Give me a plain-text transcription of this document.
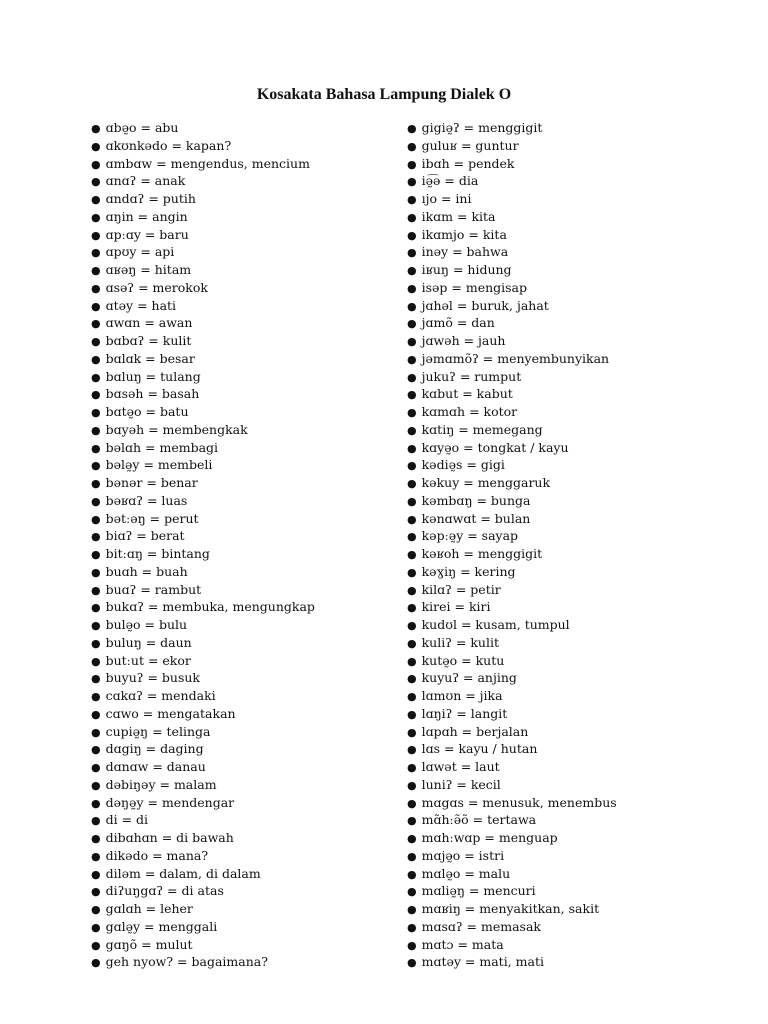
Kosakata Bahasa Lampung Dialek O
● ɑbə̰o = abu
● ɑkʊnkədo = kapan?
● ɑmbɑw = mengendus, mencium
● ɑnɑʔ = anak
● ɑndɑʔ = putih
● ɑŋin = angin
● ɑpːɑy = baru
● ɑpʊy = api
● ɑʁəŋ = hitam
● ɑsəʔ = merokok
● ɑtəy = hati
● ɑwɑn = awan
● bɑbɑʔ = kulit
● bɑlɑk = besar
● bɑluŋ = tulang
● bɑsəh = basah
● bɑtə̰o = batu
● bɑyəh = membengkak
● bəlɑh = membagi
● bələ̰y = membeli
● bənər = benar
● bəʁɑʔ = luas
● bətːəŋ = perut
● biɑʔ = berat
● bitːɑŋ = bintang
● buɑh = buah
● buɑʔ = rambut
● bukɑʔ = membuka, mengungkap
● bulə̰o = bulu
● buluŋ = daun
● butːut = ekor
● buyuʔ = busuk
● cɑkɑʔ = mendaki
● cɑwo = mengatakan
● cupiə̰ŋ = telinga
● dɑgiŋ = daging
● dɑnɑw = danau
● dəbiŋəy = malam
● dəŋə̰y = mendengar
● di = di
● dibɑhɑn = di bawah
● dikədo = mana?
● diləm = dalam, di dalam
● diʔuŋgɑʔ = di atas
● gɑlɑh = leher
● gɑlə̰y = menggali
● gɑŋõ = mulut
● geh nyow? = bagaimana?
● gigiə̰ʔ = menggigit
● guluʁ = guntur
● ibɑh = pendek
● iə̰͡ə = dia
● ıjo = ini
● ikɑm = kita
● ikɑmjo = kita
● inəy = bahwa
● iʁuŋ = hidung
● isəp = mengisap
● jɑhəl = buruk, jahat
● jɑmõ = dan
● jɑwəh = jauh
● jəmɑmõʔ = menyembunyikan
● jukuʔ = rumput
● kɑbut = kabut
● kɑmɑh = kotor
● kɑtiŋ = memegang
● kɑyə̰o = tongkat / kayu
● kədiə̰s = gigi
● kəkuy = menggaruk
● kəmbɑŋ = bunga
● kənɑwɑt = bulan
● kəpːə̰y = sayap
● kəʁoh = menggigit
● kəɣiŋ = kering
● kilɑʔ = petir
● kirei = kiri
● kudʊl = kusam, tumpul
● kuliʔ = kulit
● kutə̰o = kutu
● kuyuʔ = anjing
● lɑmʊn = jika
● lɑŋiʔ = langit
● lɑpɑh = berjalan
● lɑs = kayu / hutan
● lɑwət = laut
● luniʔ = kecil
● mɑgɑs = menusuk, menembus
● mɑ̃hːə̃õ = tertawa
● mɑhːwɑp = menguap
● mɑjə̰o = istri
● mɑlə̰o = malu
● mɑliə̰ŋ = mencuri
● mɑʁiŋ = menyakitkan, sakit
● mɑsɑʔ = memasak
● mɑtɔ = mata
● mɑtəy = mati, mati
